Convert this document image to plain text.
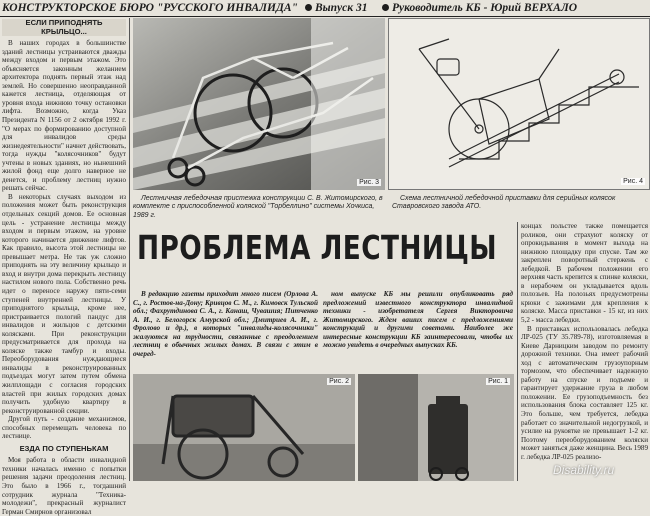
КОНСТРУКТОРСКОЕ БЮРО "РУССКОГО ИНВАЛИДА" Выпуск 31 Руководитель КБ - Юрий ВЕРХАЛО
ЕСЛИ ПРИПОДНЯТЬ КРЫЛЬЦО...

В наших городах в большинстве зданий лестницы устраиваются дважды между входом и первым этажом. Это объясняется законным желанием архитектора поднять первый этаж над землей. Но совершенно неоправданной кажется лестница, отделяющая от уровня входа нижнюю точку остановки лифта. Возможно, когда Указ Президента N 1156 от 2 октября 1992 г. "О мерах по формированию доступной для инвалидов среды жизнедеятельности" начнет действовать, тогда нужды "колясочников" будут учтены в новых зданиях, но нынешний жилой фонд еще долго наверное не денется, и проблему лестниц нужно решать сейчас.

В некоторых случаях выходом из положения может быть реконструкция отдельных секций домов. Ее основная цель - устранение лестницы между входом и первым этажом, на уровне которого начинается движение лифтов. Как правило, высота этой лестницы не превышает метра. Не так уж сложно приподнять на эту величину крыльцо и вход и внутри дома перекрыть лестницу настилом нового пола. Собственно речь идет о переносе наружу пяти-семи ступеней внутренней лестницы. У приподнятого крыльца, кроме нее, пристраивается пологий пандус для инвалидов и жильцов с детскими колясками. При реконструкции предусматривается для прохода на коляске также тамбур и входы. Переоборудования нуждающиеся инвалиды в реконструированных подъездах могут затем путем обмена жилплощади с согласия городских властей при жилых городских домах получить удобную квартиру в реконструированной секции.

Другой путь - создание механизмов, способных перемещать человека по лестнице.

ЕЗДА ПО СТУПЕНЬКАМ

Моя работа в области инвалидной техники началась именно с попытки решения задачи преодоления лестниц. Это было в 1966 г., тогдашний сотрудник журнала "Техника-молодежи", прекрасный журналист Герман Смирнов организовал

Рис. 3	Рис. 4
Лестничная лебедочная пристежка конструкции С. В. Житомирского, в комплекте с приспособленной коляской "Торбеллино" системы Хочкиса, 1989 г.
Схема лестничной лебедочной приставки для серийных колясок Ставровского завода АТО.
ПРОБЛЕМА ЛЕСТНИЦЫ
В редакцию газеты приходит много писем (Орлова А. С., г. Ростов-на-Дону; Кривцов С. М., г. Кимовск Тульской обл.; Фахрутдинова С. А., г. Канаш, Чувашия; Питченко А. И., г. Белогорск Амурской обл.; Дмитриев А. И., г. Фролово и др.), в которых "инвалиды-колясочники" жалуются на трудности, связанные с преодолением лестниц в обычных жилых домах. В связи с этим в очеред-
ном выпуске КБ мы решили опубликовать ряд предложений известного конструктора инвалидной техники - изобретателя Сергея Викторовича Житомирского. Ждем ваших писем с предложениями конструкций и другими советами. Наиболее же интересные конструкции КБ заинтересовали, чтобы их можно увидеть в очередных выпусках КБ.
Рис. 2	Рис. 1

концах польстее также помещается роликов, они страхуют коляску от опрокидывания в момент выхода на нижнюю площадку при спуске. Там же закреплен поворотный стержень с лебедкой. В рабочем положении его верхняя часть крепится к спинке коляски, в нерабочем он укладывается вдоль полозьев. На полозьях предусмотрены крюки с зажимами для крепления к коляске. Масса приставки - 15 кг, из них 5,2 - масса лебедки.

В приставках использовалась лебедка ЛР-025 (ТУ 35.789-78), изготовляемая в Киеве Дарницким заводом по ремонту дорожной техники. Она имеет рабочий ход с автоматическим грузоупорным тормозом, что обеспечивает надежную работу на спуске и подъеме и гарантирует удержание груза в любом положении. Ее грузоподъемность без использования блока составляет 125 кг. Это больше, чем требуется, лебедка работает со значительной недогрузкой, и усилие на рукоятке не превышает 1-2 кг. Поэтому переоборудованием коляски может заняться даже женщина. Весь 1989 г. лебедка ЛР-025 реализо-

Disability.ru
